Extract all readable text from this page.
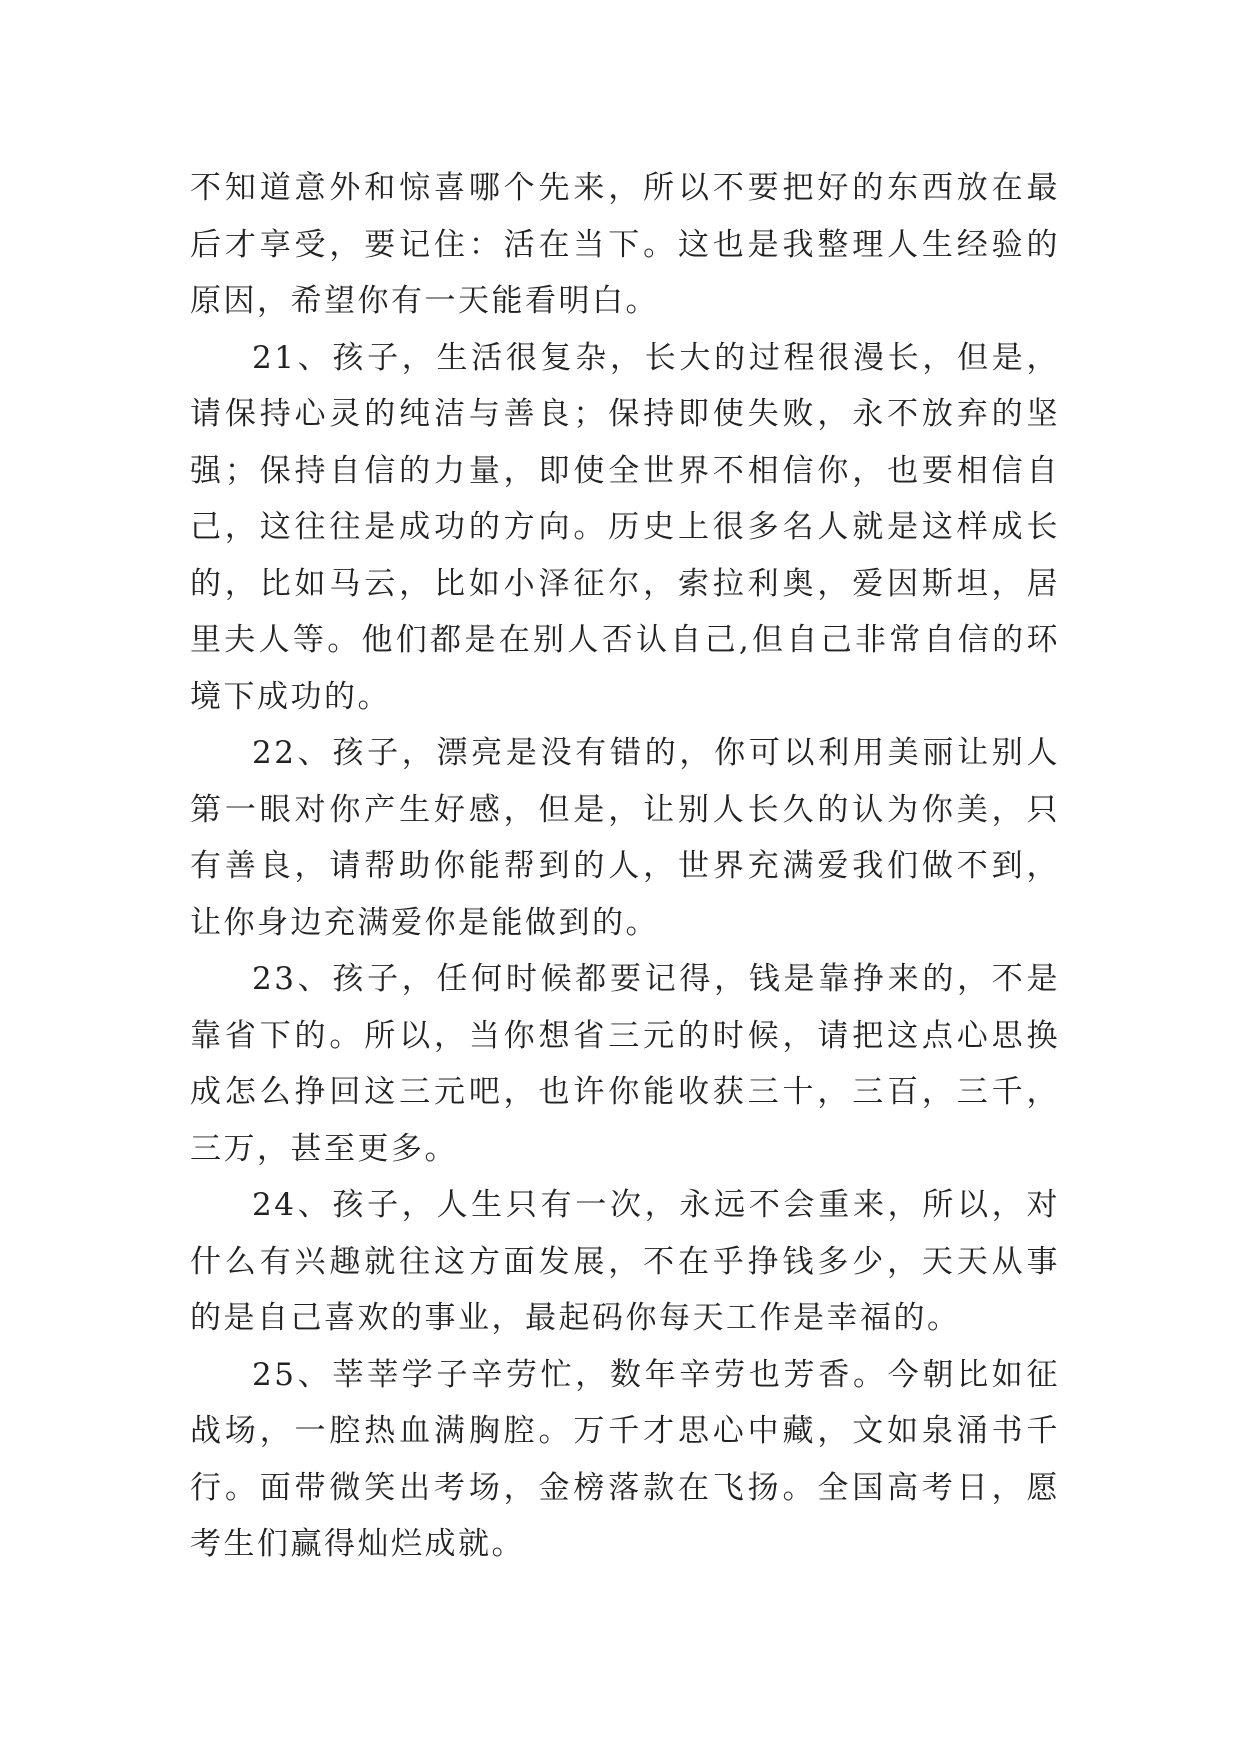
不知道意外和惊喜哪个先来，所以不要把好的东西放在最后才享受，要记住：活在当下。这也是我整理人生经验的原因，希望你有一天能看明白。

21、孩子，生活很复杂，长大的过程很漫长，但是，请保持心灵的纯洁与善良；保持即使失败，永不放弃的坚强；保持自信的力量，即使全世界不相信你，也要相信自己，这往往是成功的方向。历史上很多名人就是这样成长的，比如马云，比如小泽征尔，索拉利奥，爱因斯坦，居里夫人等。他们都是在别人否认自己,但自己非常自信的环境下成功的。

22、孩子，漂亮是没有错的，你可以利用美丽让别人第一眼对你产生好感，但是，让别人长久的认为你美，只有善良，请帮助你能帮到的人，世界充满爱我们做不到，让你身边充满爱你是能做到的。

23、孩子，任何时候都要记得，钱是靠挣来的，不是靠省下的。所以，当你想省三元的时候，请把这点心思换成怎么挣回这三元吧，也许你能收获三十，三百，三千，三万，甚至更多。

24、孩子，人生只有一次，永远不会重来，所以，对什么有兴趣就往这方面发展，不在乎挣钱多少，天天从事的是自己喜欢的事业，最起码你每天工作是幸福的。

25、莘莘学子辛劳忙，数年辛劳也芳香。今朝比如征战场，一腔热血满胸腔。万千才思心中藏，文如泉涌书千行。面带微笑出考场，金榜落款在飞扬。全国高考日，愿考生们赢得灿烂成就。
